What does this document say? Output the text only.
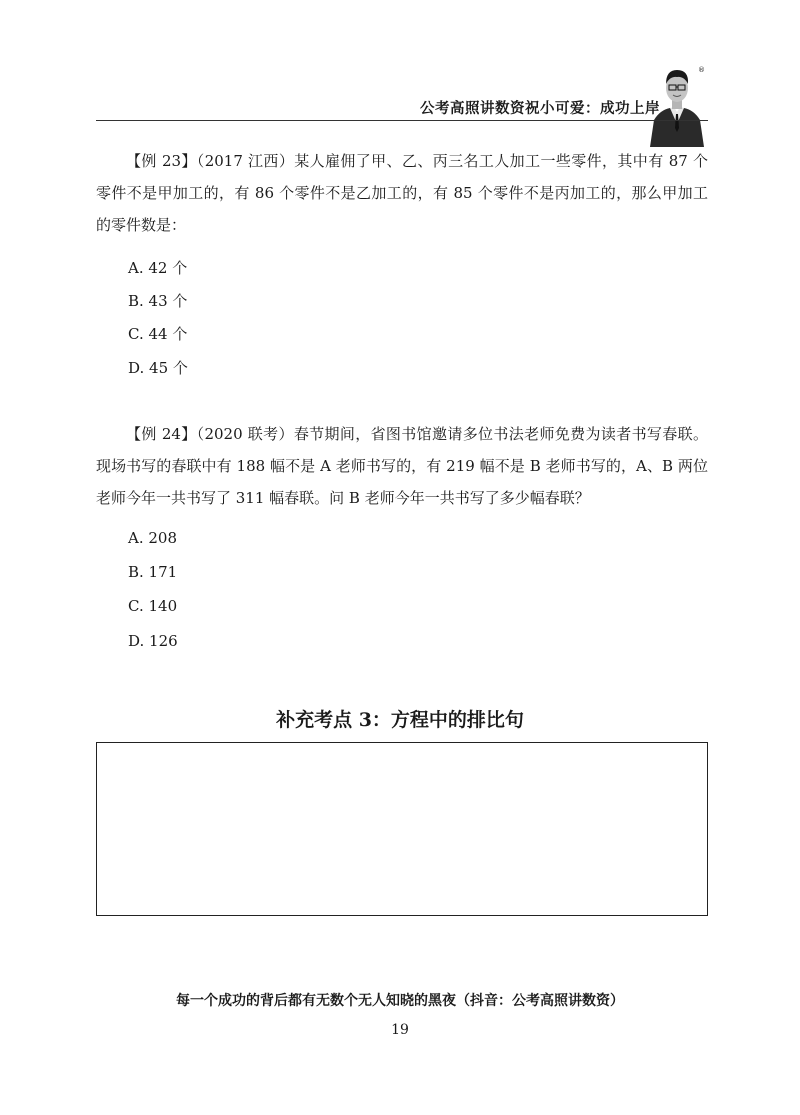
®
公考高照讲数资祝小可爱：成功上岸

【例 23】（2017 江西）某人雇佣了甲、乙、丙三名工人加工一些零件，其中有 87 个零件不是甲加工的，有 86 个零件不是乙加工的，有 85 个零件不是丙加工的，那么甲加工的零件数是：

A. 42 个
B. 43 个
C. 44 个
D. 45 个

【例 24】（2020 联考）春节期间，省图书馆邀请多位书法老师免费为读者书写春联。现场书写的春联中有 188 幅不是 A 老师书写的，有 219 幅不是 B 老师书写的，A、B 两位老师今年一共书写了 311 幅春联。问 B 老师今年一共书写了多少幅春联？

A. 208
B. 171
C. 140
D. 126
补充考点 3：方程中的排比句
每一个成功的背后都有无数个无人知晓的黑夜（抖音：公考高照讲数资）
19
